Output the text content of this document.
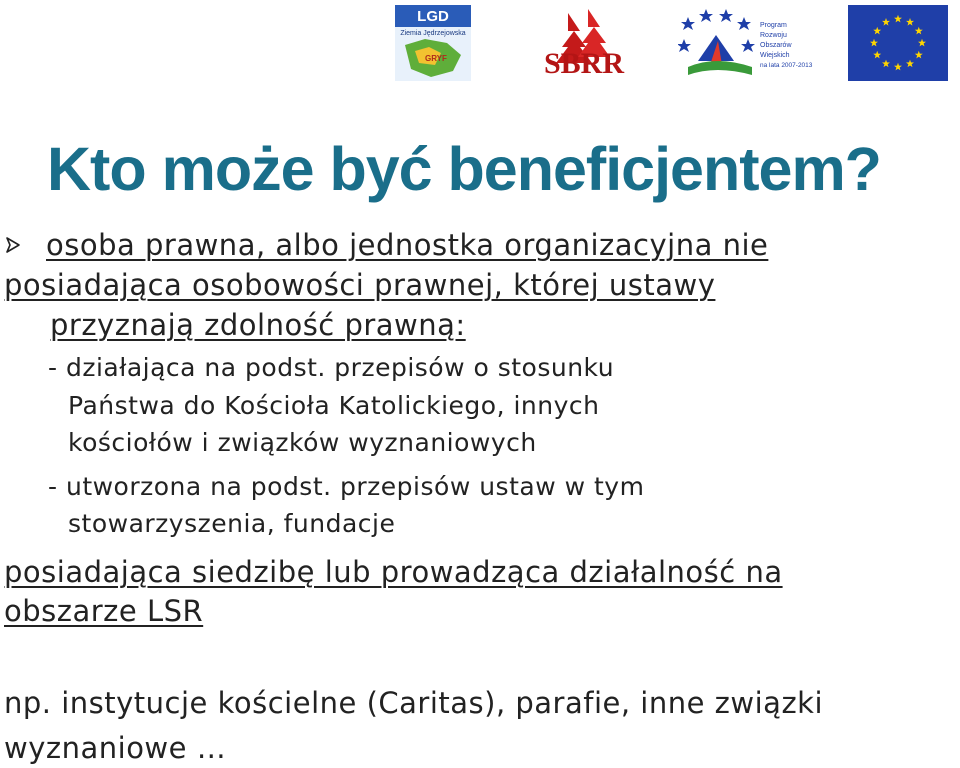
LGD
Ziemia Jędrzejowska
GRYF	SBRR
Program
Rozwoju
Obszarów
Wiejskich
na lata 2007-2013
Kto może być beneficjentem?

osoba prawna, albo jednostka organizacyjna nie

posiadająca osobowości prawnej, której ustawy

przyznają zdolność prawną:

- działająca na podst. przepisów o stosunku

Państwa do Kościoła Katolickiego, innych

kościołów i związków wyznaniowych

- utworzona na podst. przepisów ustaw w tym

stowarzyszenia, fundacje

posiadająca siedzibę lub prowadząca działalność na

obszarze LSR

np. instytucje kościelne (Caritas), parafie, inne związki

wyznaniowe …
